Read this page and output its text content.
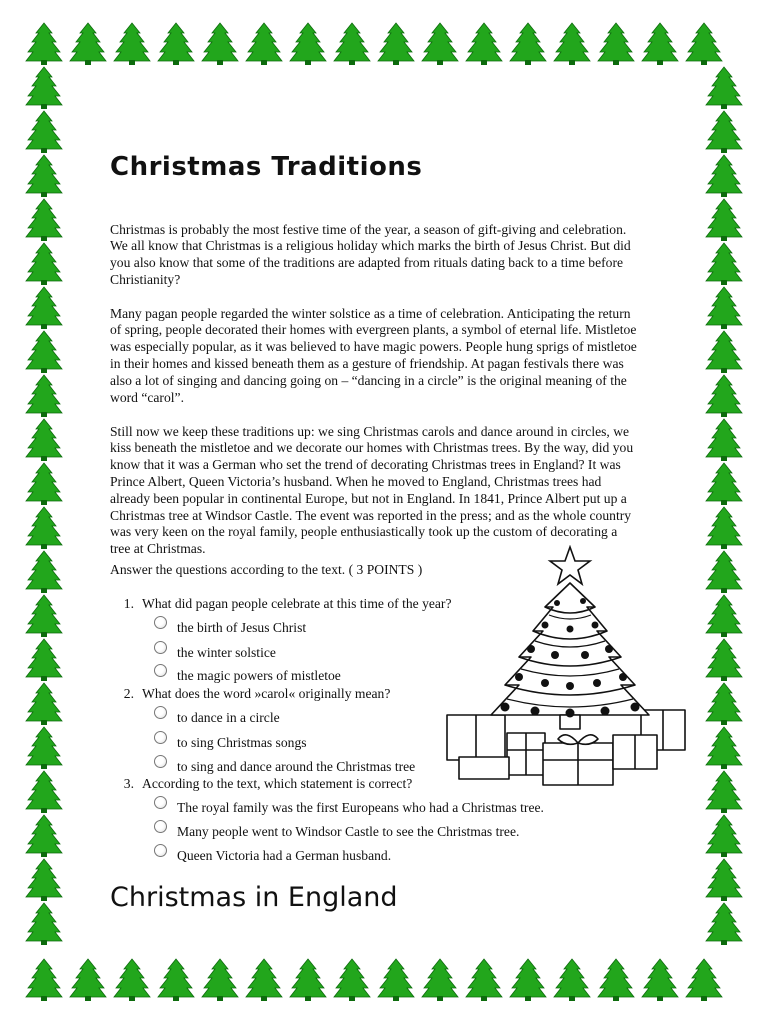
Christmas Traditions

Christmas is probably the most festive time of the year, a season of gift-giving and celebration. We all know that Christmas is a religious holiday which marks the birth of Jesus Christ. But did you also know that some of the traditions are adapted from rituals dating back to a time before Christianity?

Many pagan people regarded the winter solstice as a time of celebration. Anticipating the return of spring, people decorated their homes with evergreen plants, a symbol of eternal life. Mistletoe was especially popular, as it was believed to have magic powers. People hung sprigs of mistletoe in their homes and kissed beneath them as a gesture of friendship. At pagan festivals there was also a lot of singing and dancing going on – “dancing in a circle” is the original meaning of the word “carol”.

Still now we keep these traditions up: we sing Christmas carols and dance around in circles, we kiss beneath the mistletoe and we decorate our homes with Christmas trees. By the way, did you know that it was a German who set the trend of decorating Christmas trees in England? It was Prince Albert, Queen Victoria’s husband. When he moved to England, Christmas trees had already been popular in continental Europe, but not in England. In 1841, Prince Albert put up a Christmas tree at Windsor Castle. The event was reported in the press; and as the whole country was very keen on the royal family, people enthusiastically took up the custom of decorating a tree at Christmas.

Answer the questions according to the text. ( 3 POINTS )
1. What did pagan people celebrate at this time of the year?
the birth of Jesus Christ
the winter solstice
the magic powers of mistletoe
2. What does the word »carol« originally mean?
to dance in a circle
to sing Christmas songs
to sing and dance around the Christmas tree
3. According to the text, which statement is correct?
The royal family was the first Europeans who had a Christmas tree.
Many people went to Windsor Castle to see the Christmas tree.
Queen Victoria had a German husband.
Christmas in England
